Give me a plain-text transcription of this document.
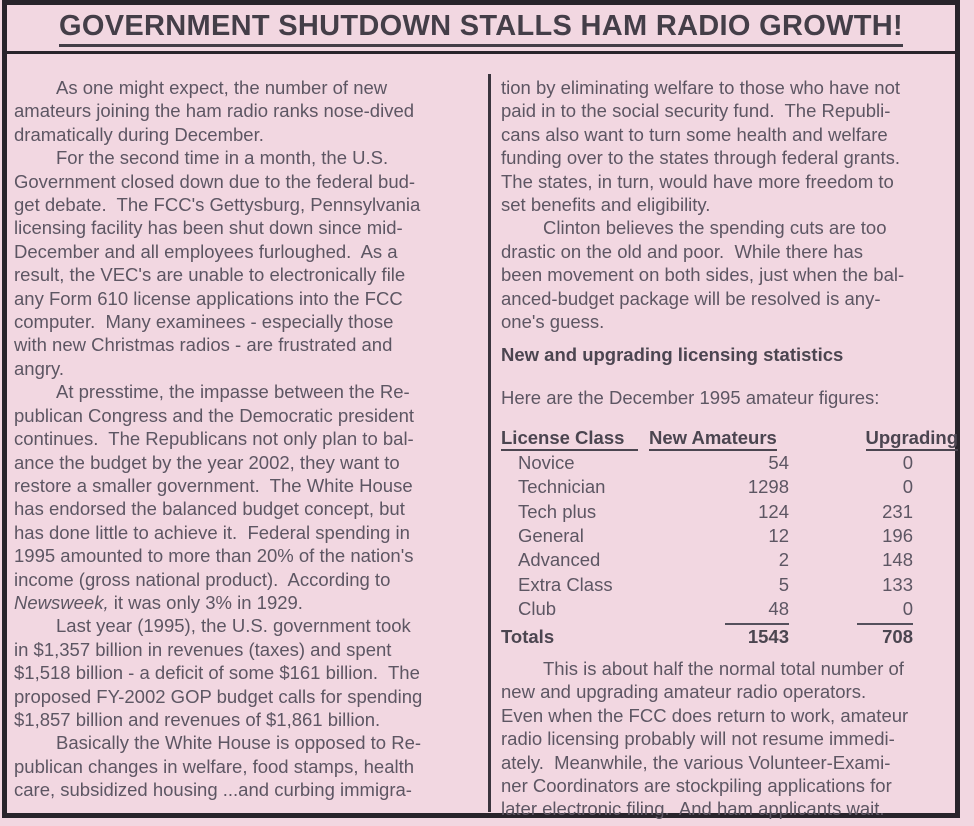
GOVERNMENT SHUTDOWN STALLS HAM RADIO GROWTH!
As one might expect, the number of new
amateurs joining the ham radio ranks nose-dived
dramatically during December.
For the second time in a month, the U.S.
Government closed down due to the federal bud-
get debate.  The FCC's Gettysburg, Pennsylvania
licensing facility has been shut down since mid-
December and all employees furloughed.  As a
result, the VEC's are unable to electronically file
any Form 610 license applications into the FCC
computer.  Many examinees - especially those
with new Christmas radios - are frustrated and
angry.
At presstime, the impasse between the Re-
publican Congress and the Democratic president
continues.  The Republicans not only plan to bal-
ance the budget by the year 2002, they want to
restore a smaller government.  The White House
has endorsed the balanced budget concept, but
has done little to achieve it.  Federal spending in
1995 amounted to more than 20% of the nation's
income (gross national product).  According to
Newsweek, it was only 3% in 1929.
Last year (1995), the U.S. government took
in $1,357 billion in revenues (taxes) and spent
$1,518 billion - a deficit of some $161 billion.  The
proposed FY-2002 GOP budget calls for spending
$1,857 billion and revenues of $1,861 billion.
Basically the White House is opposed to Re-
publican changes in welfare, food stamps, health
care, subsidized housing ...and curbing immigra-
tion by eliminating welfare to those who have not
paid in to the social security fund.  The Republi-
cans also want to turn some health and welfare
funding over to the states through federal grants.
The states, in turn, would have more freedom to
set benefits and eligibility.
Clinton believes the spending cuts are too
drastic on the old and poor.  While there has
been movement on both sides, just when the bal-
anced-budget package will be resolved is any-
one's guess.
New and upgrading licensing statistics
Here are the December 1995 amateur figures:
License Class	New Amateurs	Upgrading
Novice	54	0
Technician	1298	0
Tech plus	124	231
General	12	196
Advanced	2	148
Extra Class	5	133
Club	48	0
Totals	1543	708
This is about half the normal total number of
new and upgrading amateur radio operators.
Even when the FCC does return to work, amateur
radio licensing probably will not resume immedi-
ately.  Meanwhile, the various Volunteer-Exami-
ner Coordinators are stockpiling applications for
later electronic filing.  And ham applicants wait.
